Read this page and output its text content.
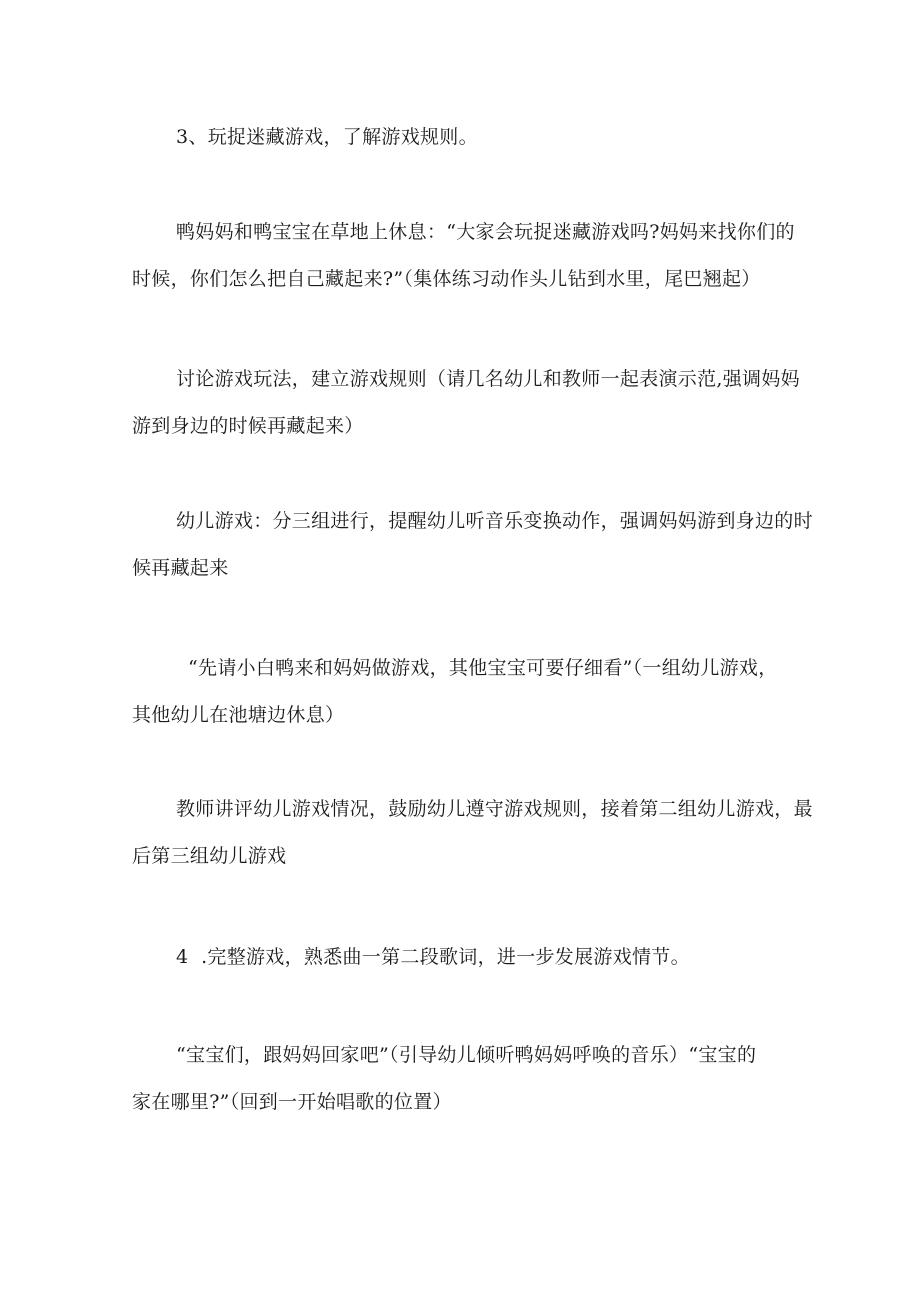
3、玩捉迷藏游戏，了解游戏规则。

鸭妈妈和鸭宝宝在草地上休息：“大家会玩捉迷藏游戏吗?妈妈来找你们的
时候，你们怎么把自己藏起来?”（集体练习动作头儿钻到水里，尾巴翘起）

讨论游戏玩法，建立游戏规则（请几名幼儿和教师一起表演示范,强调妈妈
游到身边的时候再藏起来）

幼儿游戏：分三组进行，提醒幼儿听音乐变换动作，强调妈妈游到身边的时
候再藏起来

“先请小白鸭来和妈妈做游戏，其他宝宝可要仔细看”（一组幼儿游戏，
其他幼儿在池塘边休息）

教师讲评幼儿游戏情况，鼓励幼儿遵守游戏规则，接着第二组幼儿游戏，最
后第三组幼儿游戏

4  .完整游戏，熟悉曲一第二段歌词，进一步发展游戏情节。

“宝宝们，跟妈妈回家吧”（引导幼儿倾听鸭妈妈呼唤的音乐）“宝宝的
家在哪里?”（回到一开始唱歌的位置）
